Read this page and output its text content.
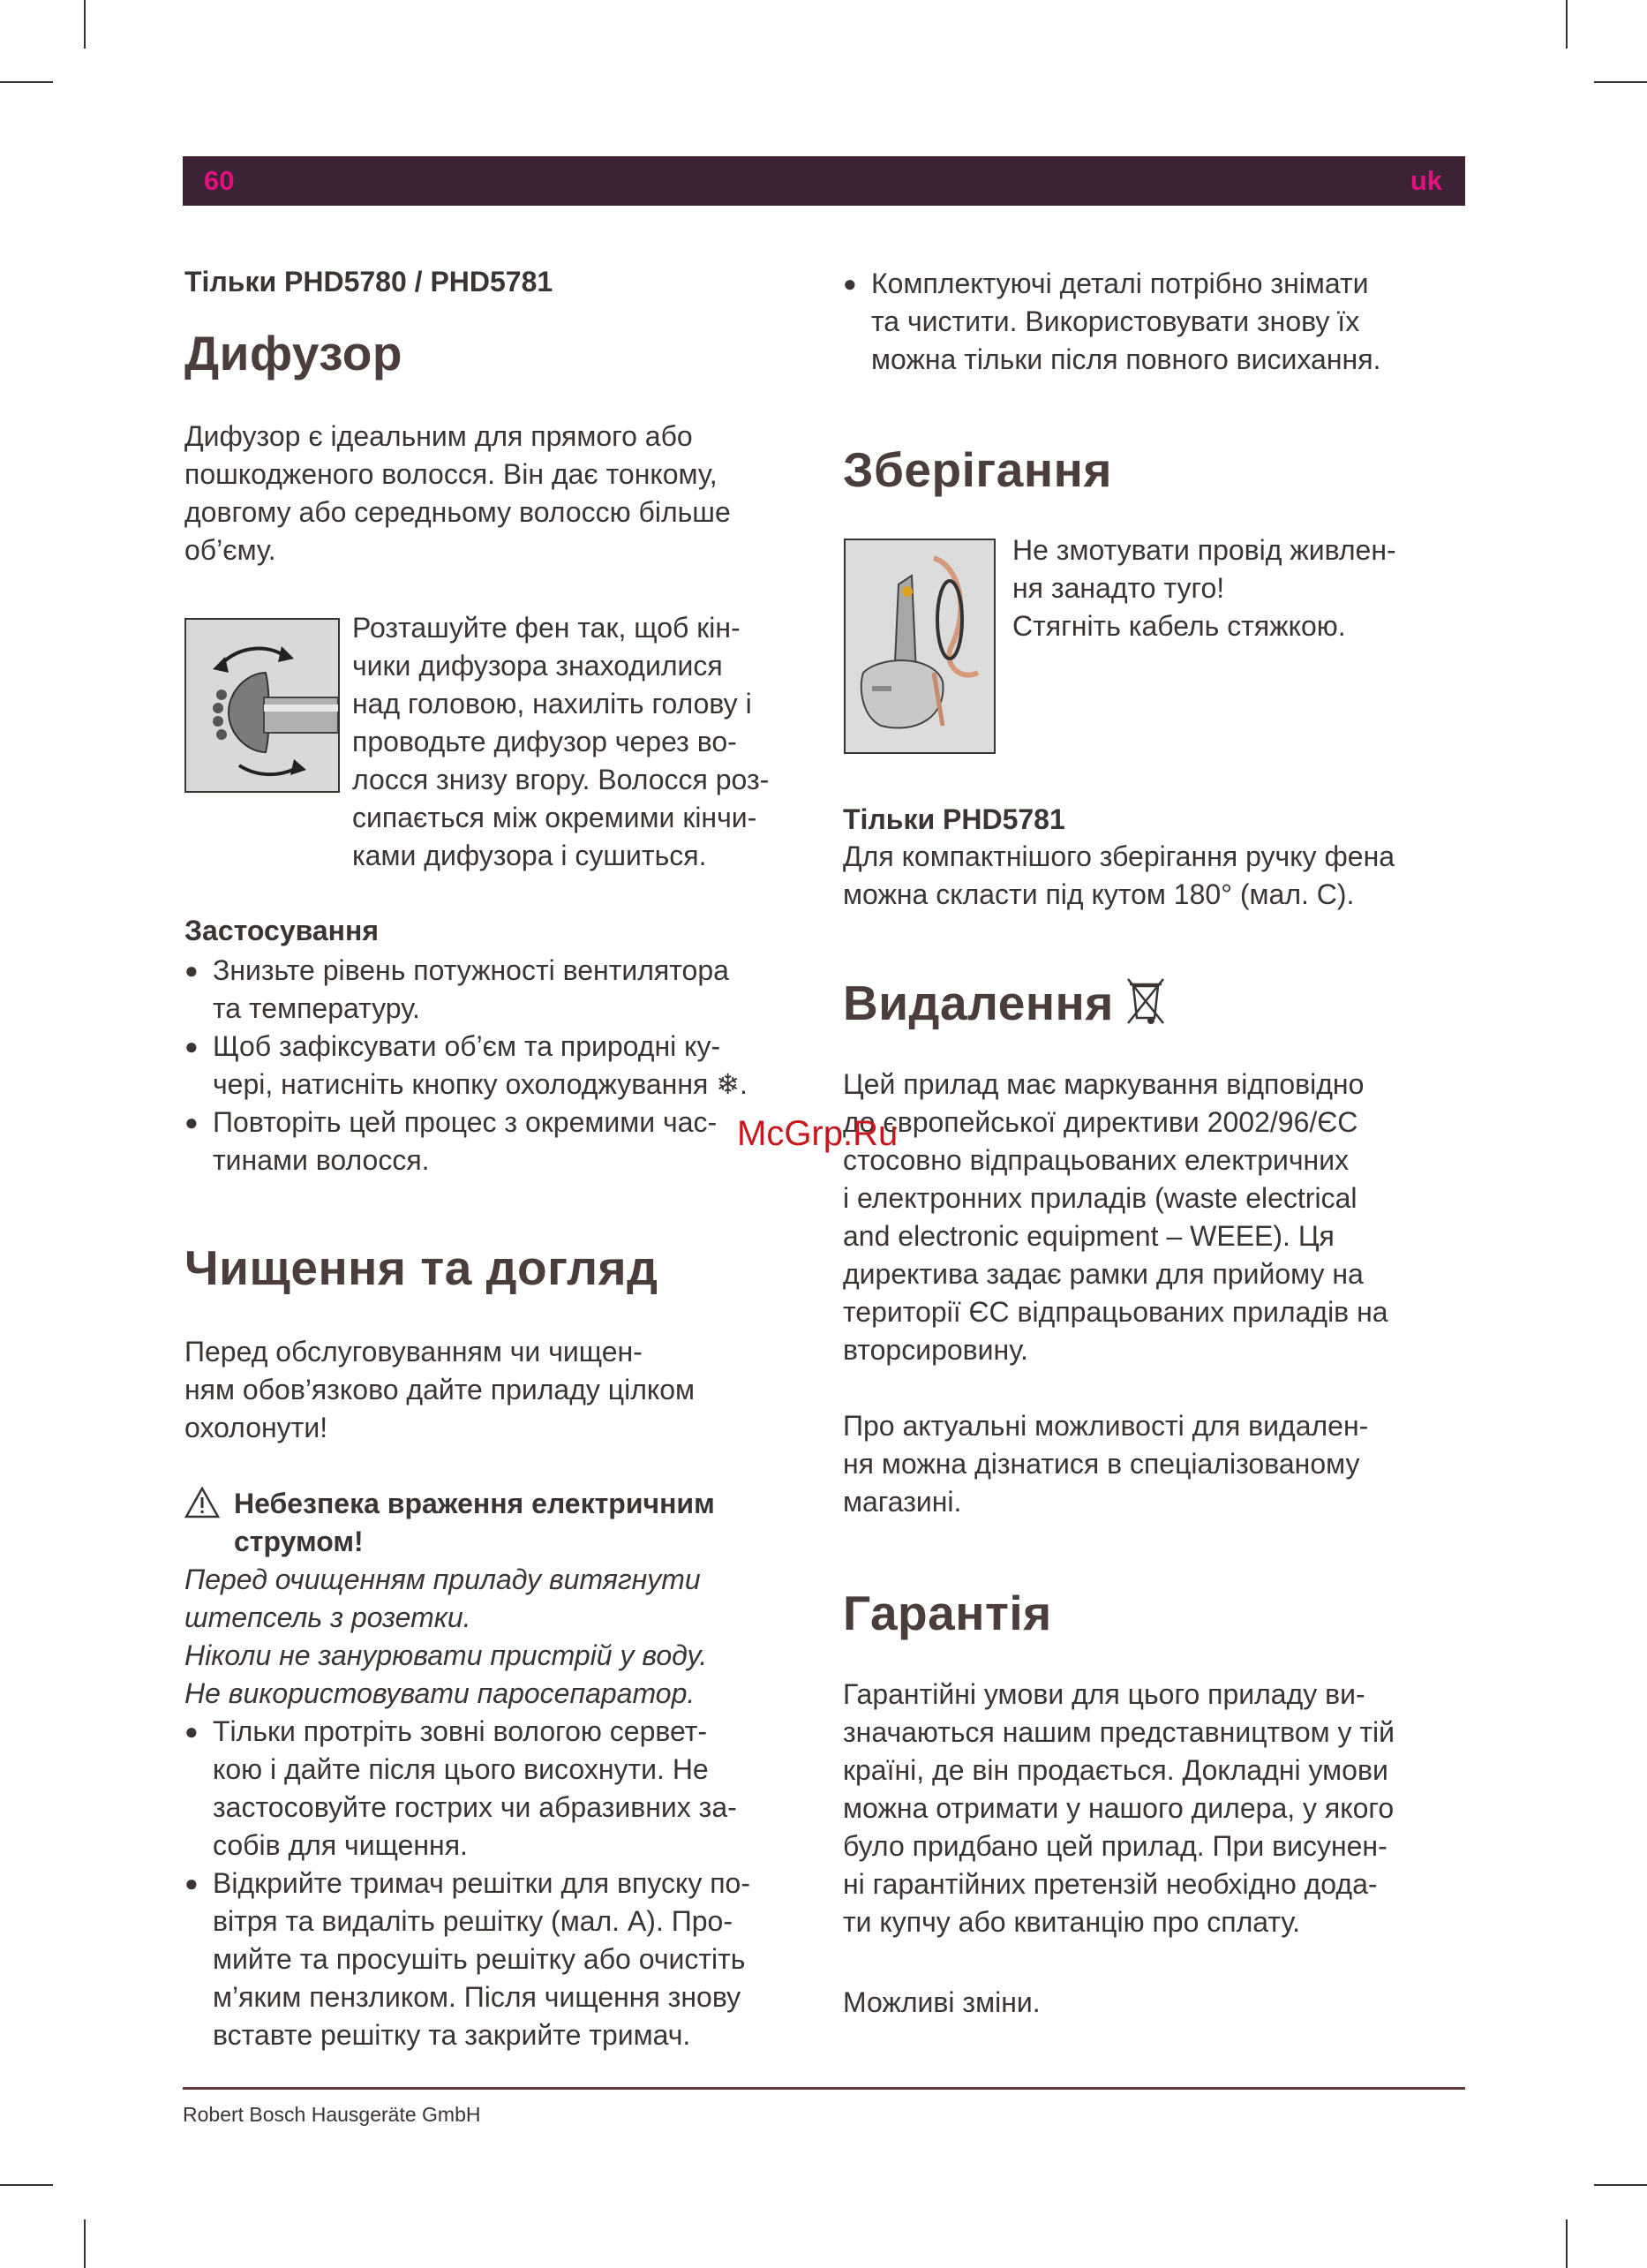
60	uk
Тільки PHD5780 / PHD5781
Дифузор
Дифузор є ідеальним для прямого або
пошкодженого волосся. Він дає тонкому,
довгому або середньому волоссю більше
об’єму.
Розташуйте фен так, щоб кін-
чики дифузора знаходилися
над головою, нахиліть голову і
проводьте дифузор через во-
лосся знизу вгору. Волосся роз-
сипається між окремими кінчи-
ками дифузора і сушиться.
Застосування
● Знизьте рівень потужності вентилятора
та температуру.
● Щоб зафіксувати об’єм та природні ку-
чері, натисніть кнопку охолоджування ❄.
● Повторіть цей процес з окремими час-
тинами волосся.
Чищення та догляд
Перед обслуговуванням чи чищен-
ням обов’язково дайте приладу цілком
охолонути!
Небезпека враження електричним
струмом!
Перед очищенням приладу витягнути
штепсель з розетки.
Ніколи не занурювати пристрій у воду.
Не використовувати паросепаратор.
● Тільки протріть зовні вологою сервет-
кою і дайте після цього висохнути. Не
застосовуйте гострих чи абразивних за-
собів для чищення.
● Відкрийте тримач решітки для впуску по-
вітря та видаліть решітку (мал. A). Про-
мийте та просушіть решітку або очистіть
м’яким пензликом. Після чищення знову
вставте решітку та закрийте тримач.
● Комплектуючі деталі потрібно знімати
та чистити. Використовувати знову їх
можна тільки після повного висихання.
Зберігання
Не змотувати провід живлен-
ня занадто туго!
Стягніть кабель стяжкою.
Тільки PHD5781
Для компактнішого зберігання ручку фена
можна скласти під кутом 180° (мал. C).
Видалення
Цей прилад має маркування відповідно
до європейської директиви 2002/96/ЄС
стосовно відпрацьованих електричних
і електронних приладів (waste electrical
and electronic equipment – WEEE). Ця
директива задає рамки для прийому на
території ЄС відпрацьованих приладів на
вторсировину.
Про актуальні можливості для видален-
ня можна дізнатися в спеціалізованому
магазині.
Гарантія
Гарантійні умови для цього приладу ви-
значаються нашим представництвом у тій
країні, де він продається. Докладні умови
можна отримати у нашого дилера, у якого
було придбано цей прилад. При висунен-
ні гарантійних претензій необхідно дода-
ти купчу або квитанцію про сплату.
Можливі зміни.
McGrp.Ru
Robert Bosch Hausgeräte GmbH
